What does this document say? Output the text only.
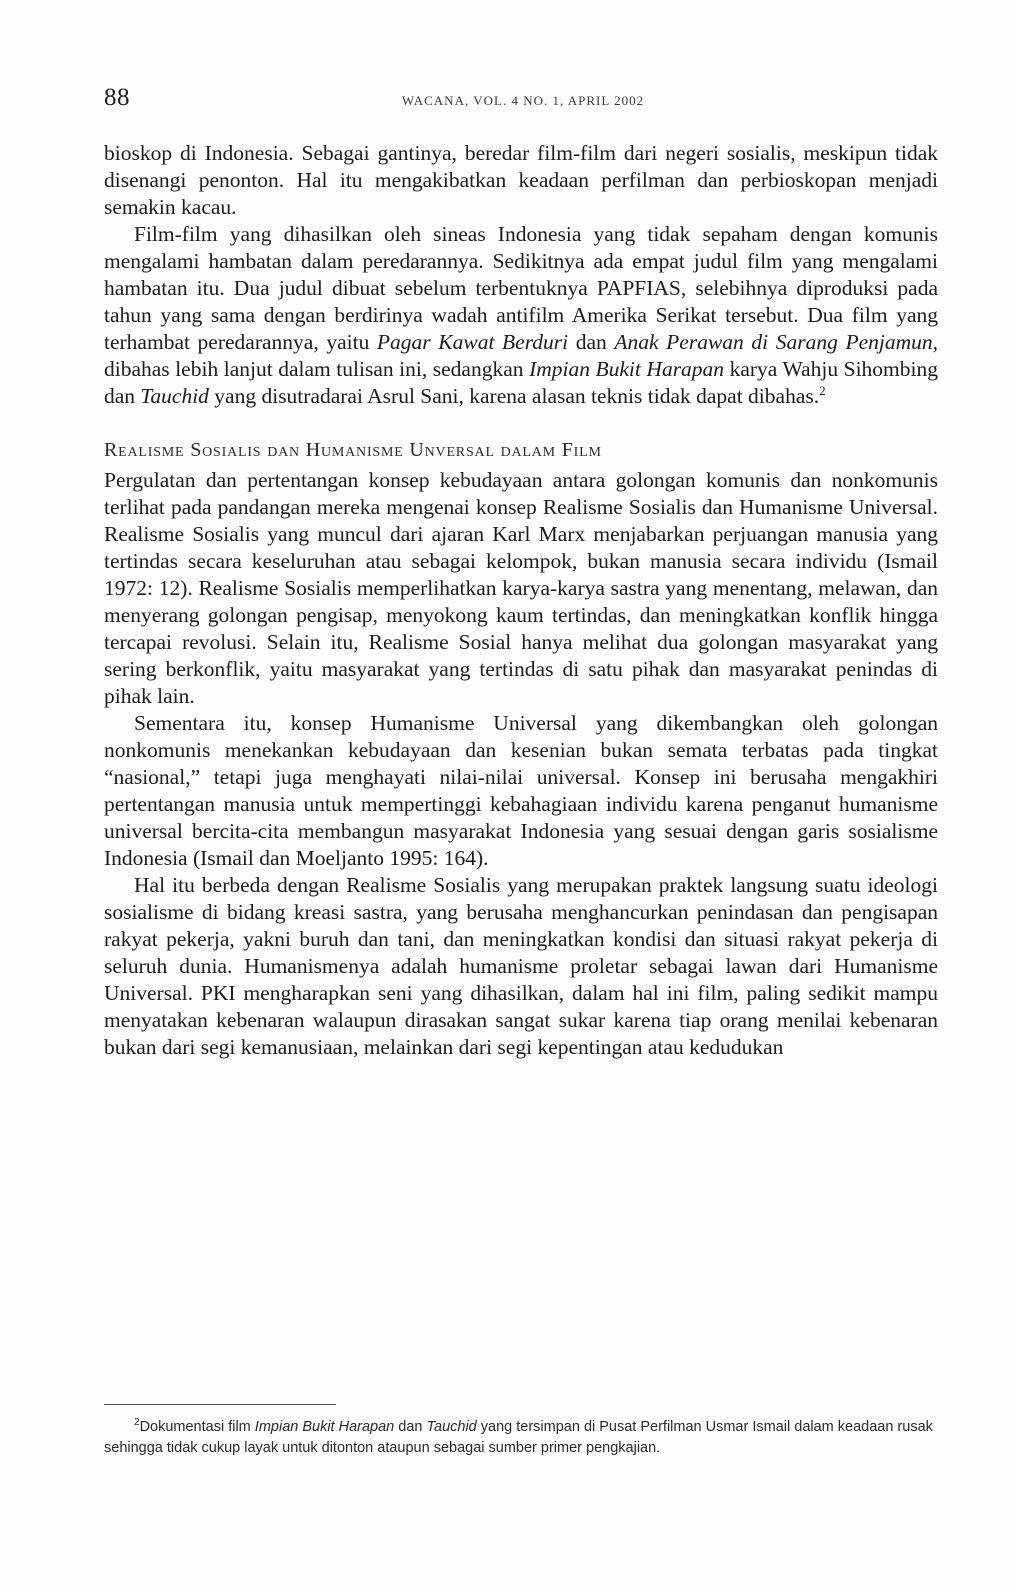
88	WACANA, VOL. 4 NO. 1, APRIL 2002

bioskop di Indonesia. Sebagai gantinya, beredar film-film dari negeri sosialis, meskipun tidak disenangi penonton. Hal itu mengakibatkan keadaan perfilman dan perbioskopan menjadi semakin kacau.

Film-film yang dihasilkan oleh sineas Indonesia yang tidak sepaham dengan komunis mengalami hambatan dalam peredarannya. Sedikitnya ada empat judul film yang mengalami hambatan itu. Dua judul dibuat sebelum terbentuknya PAPFIAS, selebihnya diproduksi pada tahun yang sama dengan berdirinya wadah antifilm Amerika Serikat tersebut. Dua film yang terhambat peredarannya, yaitu Pagar Kawat Berduri dan Anak Perawan di Sarang Penjamun, dibahas lebih lanjut dalam tulisan ini, sedangkan Impian Bukit Harapan karya Wahju Sihombing dan Tauchid yang disutradarai Asrul Sani, karena alasan teknis tidak dapat dibahas.$^2$

Realisme Sosialis dan Humanisme Unversal dalam Film

Pergulatan dan pertentangan konsep kebudayaan antara golongan komunis dan nonkomunis terlihat pada pandangan mereka mengenai konsep Realisme Sosialis dan Humanisme Universal. Realisme Sosialis yang muncul dari ajaran Karl Marx menjabarkan perjuangan manusia yang tertindas secara keseluruhan atau sebagai kelompok, bukan manusia secara individu (Ismail 1972: 12). Realisme Sosialis memperlihatkan karya-karya sastra yang menentang, melawan, dan menyerang golongan pengisap, menyokong kaum tertindas, dan meningkatkan konflik hingga tercapai revolusi. Selain itu, Realisme Sosial hanya melihat dua golongan masyarakat yang sering berkonflik, yaitu masyarakat yang tertindas di satu pihak dan masyarakat penindas di pihak lain.

Sementara itu, konsep Humanisme Universal yang dikembangkan oleh golongan nonkomunis menekankan kebudayaan dan kesenian bukan semata terbatas pada tingkat “nasional,” tetapi juga menghayati nilai-nilai universal. Konsep ini berusaha mengakhiri pertentangan manusia untuk mempertinggi kebahagiaan individu karena penganut humanisme universal bercita-cita membangun masyarakat Indonesia yang sesuai dengan garis sosialisme Indonesia (Ismail dan Moeljanto 1995: 164).

Hal itu berbeda dengan Realisme Sosialis yang merupakan praktek langsung suatu ideologi sosialisme di bidang kreasi sastra, yang berusaha menghancurkan penindasan dan pengisapan rakyat pekerja, yakni buruh dan tani, dan meningkatkan kondisi dan situasi rakyat pekerja di seluruh dunia. Humanismenya adalah humanisme proletar sebagai lawan dari Humanisme Universal. PKI mengharapkan seni yang dihasilkan, dalam hal ini film, paling sedikit mampu menyatakan kebenaran walaupun dirasakan sangat sukar karena tiap orang menilai kebenaran bukan dari segi kemanusiaan, melainkan dari segi kepentingan atau kedudukan

$^2$Dokumentasi film Impian Bukit Harapan dan Tauchid yang tersimpan di Pusat Perfilman Usmar Ismail dalam keadaan rusak sehingga tidak cukup layak untuk ditonton ataupun sebagai sumber primer pengkajian.
